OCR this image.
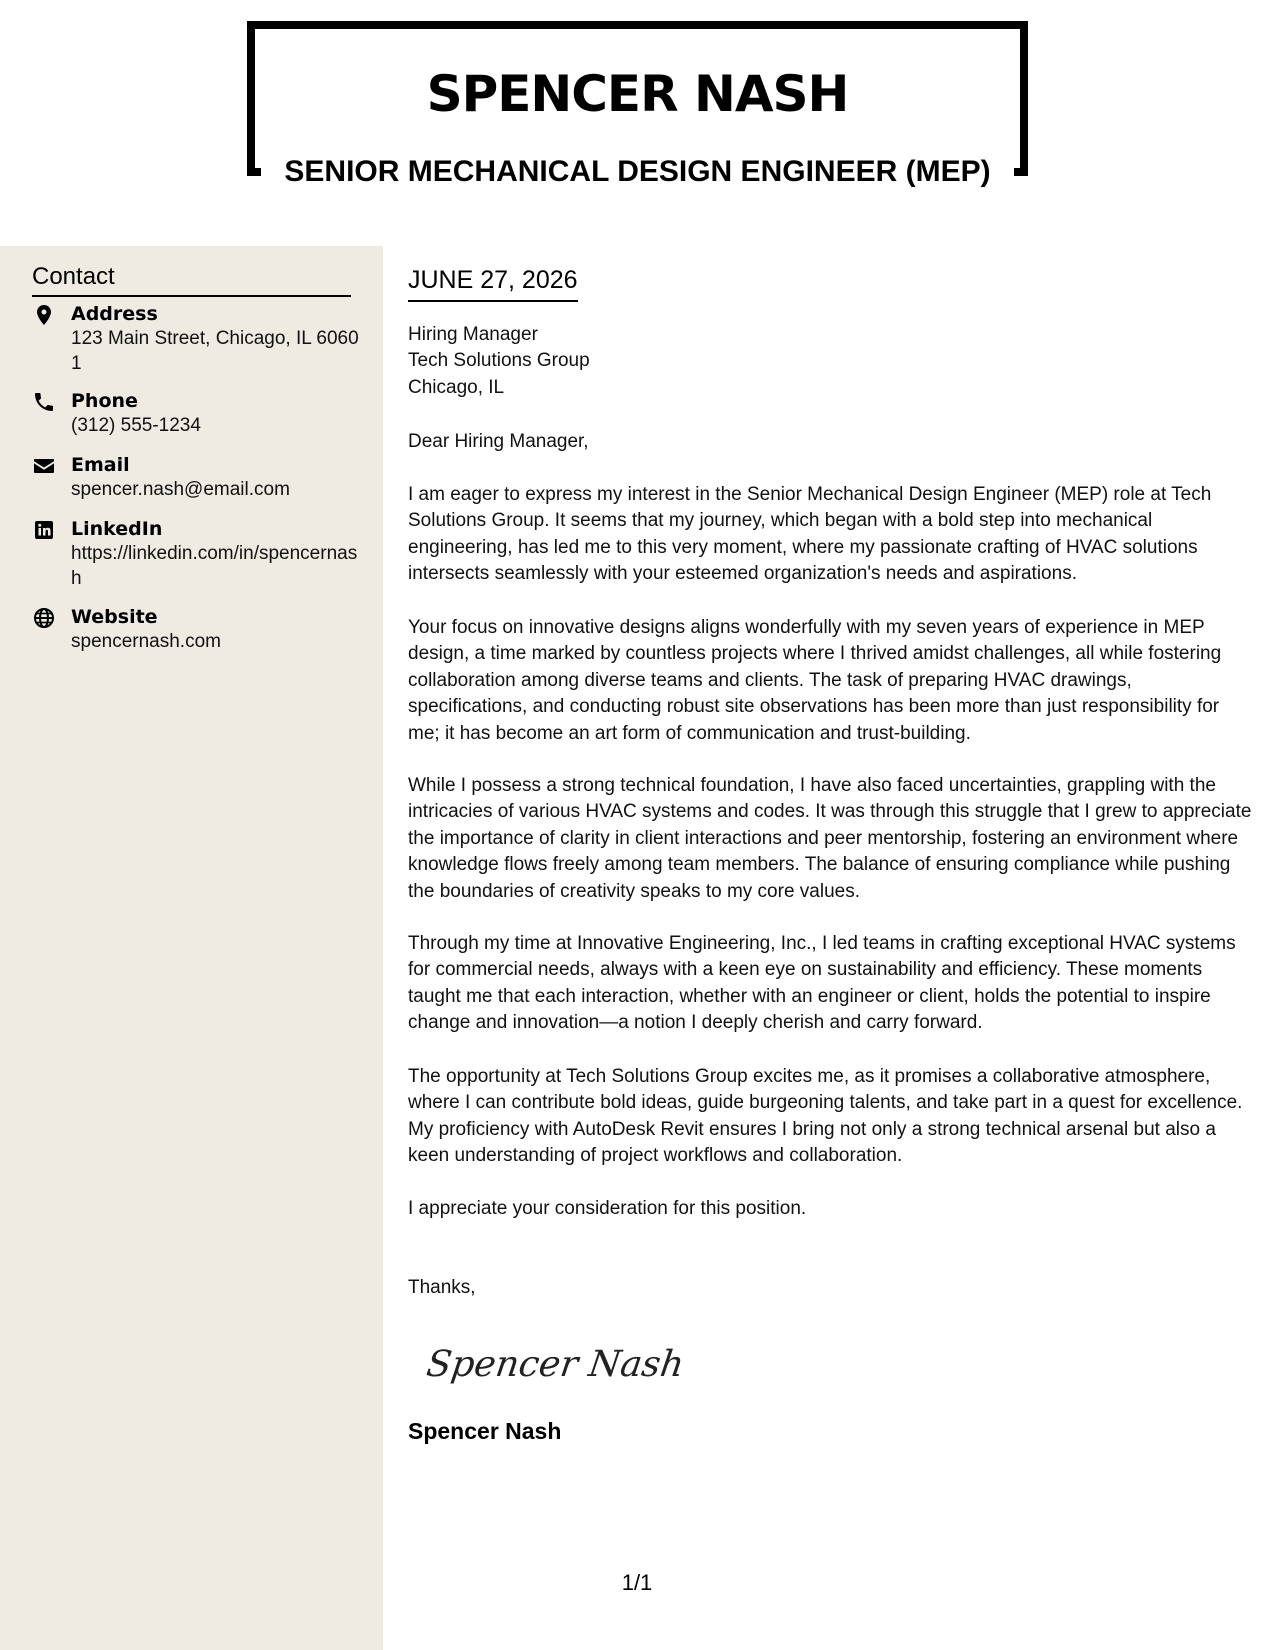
SPENCER NASH
SENIOR MECHANICAL DESIGN ENGINEER (MEP)
Contact
Address
123 Main Street, Chicago, IL 60601
Phone
(312) 555-1234
Email
spencer.nash@email.com
LinkedIn
https://linkedin.com/in/spencernash
Website
spencernash.com
JUNE 27, 2026
Hiring Manager
Tech Solutions Group
Chicago, IL
Dear Hiring Manager,
I am eager to express my interest in the Senior Mechanical Design Engineer (MEP) role at Tech Solutions Group. It seems that my journey, which began with a bold step into mechanical engineering, has led me to this very moment, where my passionate crafting of HVAC solutions intersects seamlessly with your esteemed organization's needs and aspirations.
Your focus on innovative designs aligns wonderfully with my seven years of experience in MEP design, a time marked by countless projects where I thrived amidst challenges, all while fostering collaboration among diverse teams and clients. The task of preparing HVAC drawings, specifications, and conducting robust site observations has been more than just responsibility for me; it has become an art form of communication and trust-building.
While I possess a strong technical foundation, I have also faced uncertainties, grappling with the intricacies of various HVAC systems and codes. It was through this struggle that I grew to appreciate the importance of clarity in client interactions and peer mentorship, fostering an environment where knowledge flows freely among team members. The balance of ensuring compliance while pushing the boundaries of creativity speaks to my core values.
Through my time at Innovative Engineering, Inc., I led teams in crafting exceptional HVAC systems for commercial needs, always with a keen eye on sustainability and efficiency. These moments taught me that each interaction, whether with an engineer or client, holds the potential to inspire change and innovation—a notion I deeply cherish and carry forward.
The opportunity at Tech Solutions Group excites me, as it promises a collaborative atmosphere, where I can contribute bold ideas, guide burgeoning talents, and take part in a quest for excellence. My proficiency with AutoDesk Revit ensures I bring not only a strong technical arsenal but also a keen understanding of project workflows and collaboration.
I appreciate your consideration for this position.
Thanks,
Spencer Nash
Spencer Nash
1/1
